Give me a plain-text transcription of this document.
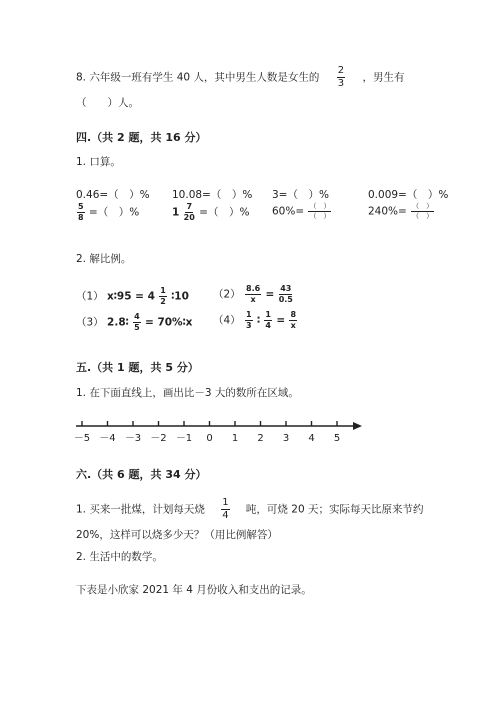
8. 六年级一班有学生 40 人，其中男生人数是女生的 $\frac{2}{3}$ ，男生有
（　　）人。
四.（共 2 题，共 16 分）
1. 口算。
0.46=（　）% 10.08=（　）% 3=（　）%	0.009=（　）%
$\frac{5}{8}$ =（　）%	$1 \frac{7}{20}$ =（　）% $60\%= \frac{( )}{( )}$	$240\%= \frac{( )}{( )}$
2. 解比例。
（1） x∶95 = $4 \frac{1}{2}$ ∶10 $(2) \frac{8.6}{x} = \frac{43}{0.5}$
（3） 2.8∶ $\frac{4}{5}$ = 70%∶x $(4) \frac{1}{3}$ ∶ $\frac{1}{4} = \frac{8}{x}$
五.（共 1 题，共 5 分）
1. 在下面直线上，画出比－3 大的数所在区域。
－5 －4 －3 －2 －1 0 1 2 3 4 5
六.（共 6 题，共 34 分）
1. 买来一批煤，计划每天烧 $\frac{1}{4}$ 吨，可烧 20 天；实际每天比原来节约
20%，这样可以烧多少天？（用比例解答）
2. 生活中的数学。
下表是小欣家 2021 年 4 月份收入和支出的记录。
